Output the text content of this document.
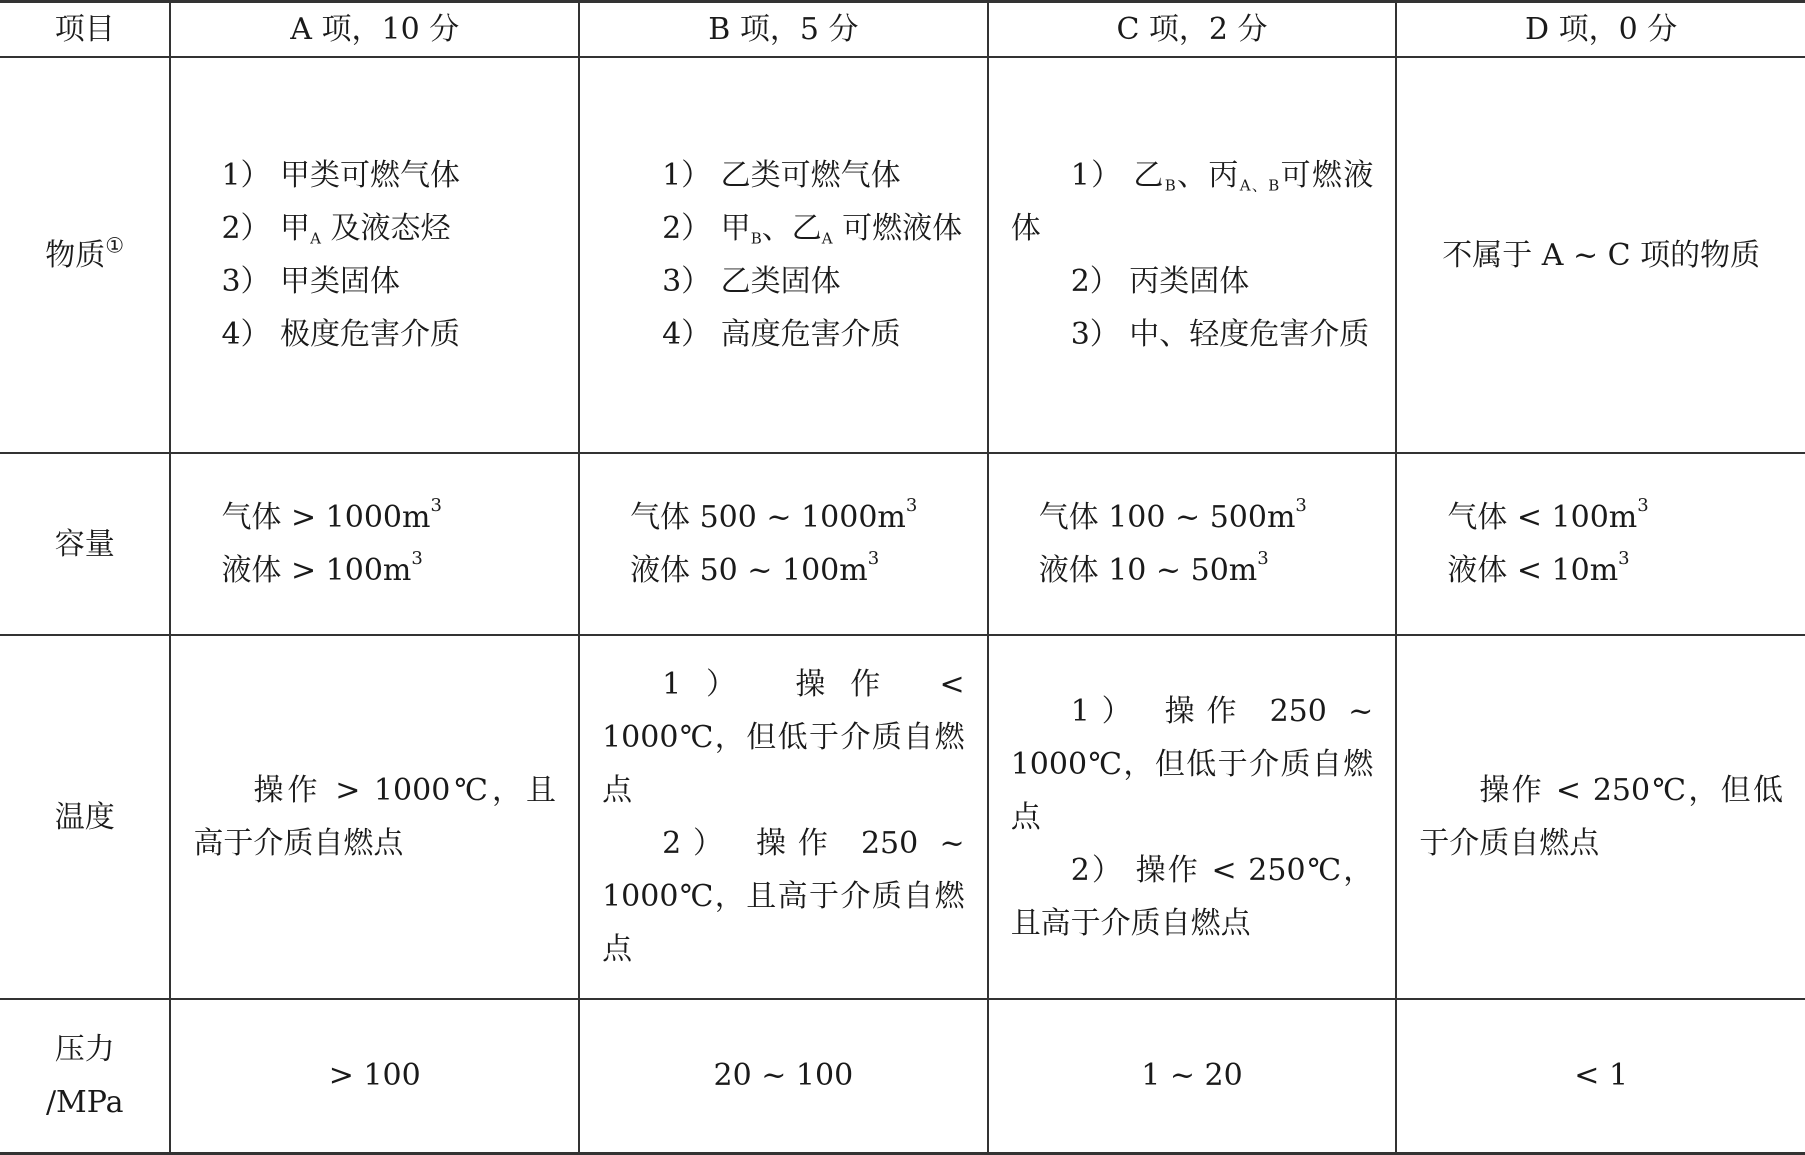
项目	A 项，10 分	B 项，5 分	C 项，2 分	D 项，0 分
物质①	1） 甲类可燃气体
2） 甲$_A$ 及液态烃
3） 甲类固体
4） 极度危害介质	1） 乙类可燃气体
2） 甲$_B$、乙$_A$ 可燃液体
3） 乙类固体
4） 高度危害介质	1） 乙$_B$、丙$_{A、B}$可燃液体
2） 丙类固体
3） 中、轻度危害介质	不属于 A ~ C 项的物质
容量	气体 > $1000m^3$
液体 > $100m^3$	气体 500 ~ $1000m^3$
液体 50 ~ $100m^3$	气体 100 ~ $500m^3$
液体 10 ~ $50m^3$	气体 < $100m^3$
液体 < $10m^3$

温度	操作 > 1000℃，且高于介质自燃点	1） 操作 < 1000℃，但低于介质自燃点
2） 操作 250 ~ 1000℃，且高于介质自燃点	1） 操作 250 ~ 1000℃，但低于介质自燃点
2） 操作 < 250℃，且高于介质自燃点	操作 < 250℃，但低于介质自燃点

压力
/MPa	> 100	20 ~ 100	1 ~ 20	< 1
